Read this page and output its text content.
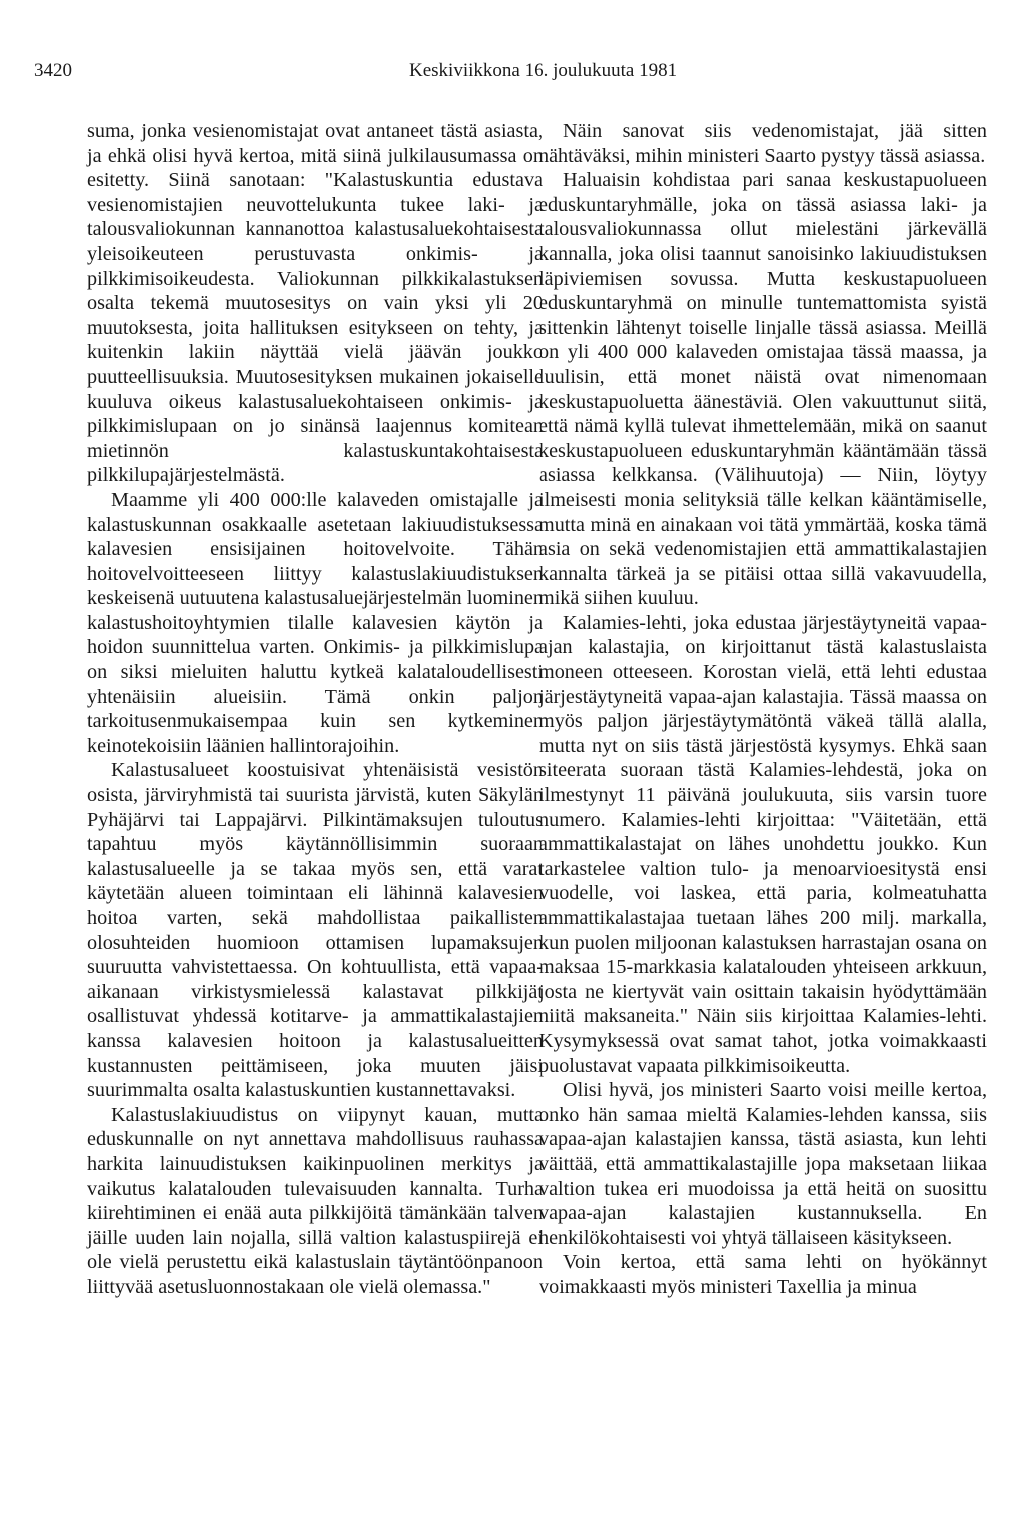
3420	Keskiviikkona 16. joulukuuta 1981

suma, jonka vesienomistajat ovat antaneet tästä asiasta, ja ehkä olisi hyvä kertoa, mitä siinä julkilausumassa on esitetty. Siinä sanotaan: "Kalastuskuntia edustava vesienomistajien neuvottelukunta tukee laki- ja talousvaliokunnan kannanottoa kalastusaluekohtaisesta yleisoikeuteen perustuvasta onkimis- ja pilkkimisoikeudesta. Valiokunnan pilkkikalastuksen osalta tekemä muutosesitys on vain yksi yli 20 muutoksesta, joita hallituksen esitykseen on tehty, ja kuitenkin lakiin näyttää vielä jäävän joukko puutteellisuuksia. Muutosesityksen mukainen jokaiselle kuuluva oikeus kalastusaluekohtaiseen onkimis- ja pilkkimislupaan on jo sinänsä laajennus komitean mietinnön kalastuskuntakohtaisesta pilkkilupajärjestelmästä.

Maamme yli 400 000:lle kalaveden omistajalle ja kalastuskunnan osakkaalle asetetaan lakiuudistuksessa kalavesien ensisijainen hoitovelvoite. Tähän hoitovelvoitteeseen liittyy kalastuslakiuudistuksen keskeisenä uutuutena kalastusaluejärjestelmän luominen kalastushoitoyhtymien tilalle kalavesien käytön ja hoidon suunnittelua varten. Onkimis- ja pilkkimislupa on siksi mieluiten haluttu kytkeä kalataloudellisesti yhtenäisiin alueisiin. Tämä onkin paljon tarkoitusenmukaisempaa kuin sen kytkeminen keinotekoisiin läänien hallintorajoihin.

Kalastusalueet koostuisivat yhtenäisistä vesistön osista, järviryhmistä tai suurista järvistä, kuten Säkylän Pyhäjärvi tai Lappajärvi. Pilkintämaksujen tuloutus tapahtuu myös käytännöllisimmin suoraan kalastusalueelle ja se takaa myös sen, että varat käytetään alueen toimintaan eli lähinnä kalavesien hoitoa varten, sekä mahdollistaa paikallisten olosuhteiden huomioon ottamisen lupamaksujen suuruutta vahvistettaessa. On kohtuullista, että vapaa-aikanaan virkistysmielessä kalastavat pilkkijät osallistuvat yhdessä kotitarve- ja ammattikalastajien kanssa kalavesien hoitoon ja kalastusalueitten kustannusten peittämiseen, joka muuten jäisi suurimmalta osalta kalastuskuntien kustannettavaksi.

Kalastuslakiuudistus on viipynyt kauan, mutta eduskunnalle on nyt annettava mahdollisuus rauhassa harkita lainuudistuksen kaikinpuolinen merkitys ja vaikutus kalatalouden tulevaisuuden kannalta. Turha kiirehtiminen ei enää auta pilkkijöitä tämänkään talven jäille uuden lain nojalla, sillä valtion kalastuspiirejä ei ole vielä perustettu eikä kalastuslain täytäntöönpanoon liittyvää asetusluonnostakaan ole vielä olemassa."

Näin sanovat siis vedenomistajat, jää sitten nähtäväksi, mihin ministeri Saarto pystyy tässä asiassa.

Haluaisin kohdistaa pari sanaa keskustapuolueen eduskuntaryhmälle, joka on tässä asiassa laki- ja talousvaliokunnassa ollut mielestäni järkevällä kannalla, joka olisi taannut sanoisinko lakiuudistuksen läpiviemisen sovussa. Mutta keskustapuolueen eduskuntaryhmä on minulle tuntemattomista syistä sittenkin lähtenyt toiselle linjalle tässä asiassa. Meillä on yli 400 000 kalaveden omistajaa tässä maassa, ja luulisin, että monet näistä ovat nimenomaan keskustapuoluetta äänestäviä. Olen vakuuttunut siitä, että nämä kyllä tulevat ihmettelemään, mikä on saanut keskustapuolueen eduskuntaryhmän kääntämään tässä asiassa kelkkansa. (Välihuutoja) — Niin, löytyy ilmeisesti monia selityksiä tälle kelkan kääntämiselle, mutta minä en ainakaan voi tätä ymmärtää, koska tämä asia on sekä vedenomistajien että ammattikalastajien kannalta tärkeä ja se pitäisi ottaa sillä vakavuudella, mikä siihen kuuluu.

Kalamies-lehti, joka edustaa järjestäytyneitä vapaa-ajan kalastajia, on kirjoittanut tästä kalastuslaista moneen otteeseen. Korostan vielä, että lehti edustaa järjestäytyneitä vapaa-ajan kalastajia. Tässä maassa on myös paljon järjestäytymätöntä väkeä tällä alalla, mutta nyt on siis tästä järjestöstä kysymys. Ehkä saan siteerata suoraan tästä Kalamies-lehdestä, joka on ilmestynyt 11 päivänä joulukuuta, siis varsin tuore numero. Kalamies-lehti kirjoittaa: "Väitetään, että ammattikalastajat on lähes unohdettu joukko. Kun tarkastelee valtion tulo- ja menoarvioesitystä ensi vuodelle, voi laskea, että paria, kolmeatuhatta ammattikalastajaa tuetaan lähes 200 milj. markalla, kun puolen miljoonan kalastuksen harrastajan osana on maksaa 15-markkasia kalatalouden yhteiseen arkkuun, josta ne kiertyvät vain osittain takaisin hyödyttämään niitä maksaneita." Näin siis kirjoittaa Kalamies-lehti. Kysymyksessä ovat samat tahot, jotka voimakkaasti puolustavat vapaata pilkkimisoikeutta.

Olisi hyvä, jos ministeri Saarto voisi meille kertoa, onko hän samaa mieltä Kalamies-lehden kanssa, siis vapaa-ajan kalastajien kanssa, tästä asiasta, kun lehti väittää, että ammattikalastajille jopa maksetaan liikaa valtion tukea eri muodoissa ja että heitä on suosittu vapaa-ajan kalastajien kustannuksella. En henkilökohtaisesti voi yhtyä tällaiseen käsitykseen.

Voin kertoa, että sama lehti on hyökännyt voimakkaasti myös ministeri Taxellia ja minua
